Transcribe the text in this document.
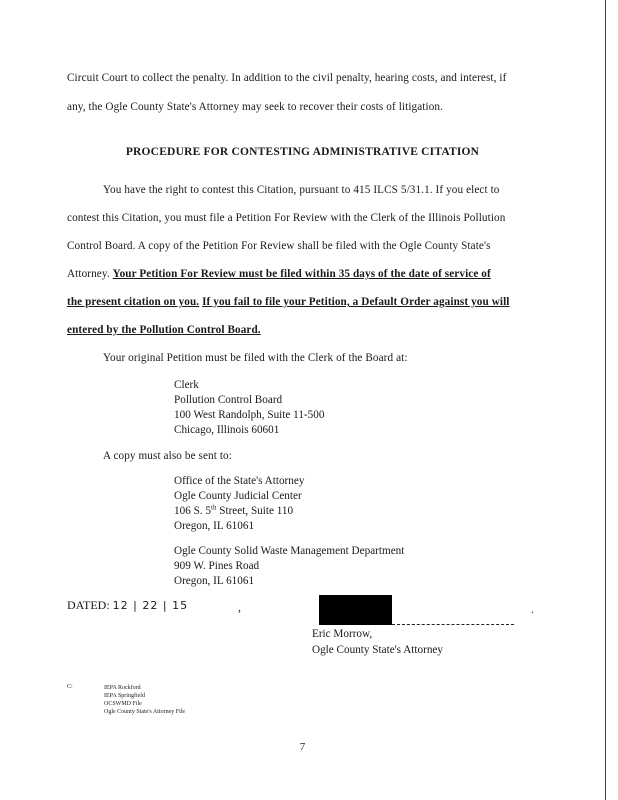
Circuit Court to collect the penalty. In addition to the civil penalty, hearing costs, and interest, if
any, the Ogle County State's Attorney may seek to recover their costs of litigation.
PROCEDURE FOR CONTESTING ADMINISTRATIVE CITATION
You have the right to contest this Citation, pursuant to 415 ILCS 5/31.1. If you elect to
contest this Citation, you must file a Petition For Review with the Clerk of the Illinois Pollution
Control Board. A copy of the Petition For Review shall be filed with the Ogle County State's
Attorney. Your Petition For Review must be filed within 35 days of the date of service of
the present citation on you. If you fail to file your Petition, a Default Order against you will
entered by the Pollution Control Board.
Your original Petition must be filed with the Clerk of the Board at:
Clerk
Pollution Control Board
100 West Randolph, Suite 11-500
Chicago, Illinois 60601
A copy must also be sent to:
Office of the State's Attorney
Ogle County Judicial Center
106 S. 5th Street, Suite 110
Oregon, IL 61061
Ogle County Solid Waste Management Department
909 W. Pines Road
Oregon, IL 61061
DATED: 12 | 22 | 15	,	.
Eric Morrow,
Ogle County State's Attorney
C:	IEPA Rockford
IEPA Springfield
OCSWMD File
Ogle County State's Attorney File
7
